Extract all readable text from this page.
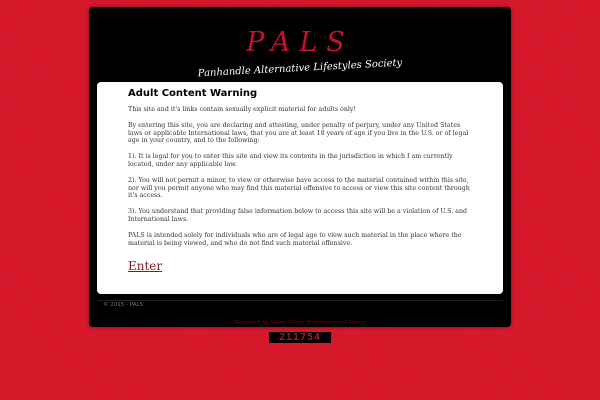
PALS
Panhandle Alternative Lifestyles Society
Adult Content Warning

This site and it's links contain sexually explicit material for adults only!

By entering this site, you are declaring and attesting, under penalty of perjury, under any United States laws or applicable International laws, that you are at least 18 years of age if you live in the U.S. or of legal age in your country, and to the following:

1). It is legal for you to enter this site and view its contents in the jurisdiction in which I am currently located, under any applicable law.

2). You will not permit a minor, to view or otherwise have access to the material contained within this site, nor will you permit anyone who may find this material offensive to access or view this site content through it's access.

3). You understand that providing false information below to access this site will be a violation of U.S. and International laws.

PALS is intended solely for individuals who are of legal age to view such material in the place where the material is being viewed, and who do not find such material offensive.

Enter
© 2015 - PALS
Designed by Silver Ghost Entertainment Group
211754
